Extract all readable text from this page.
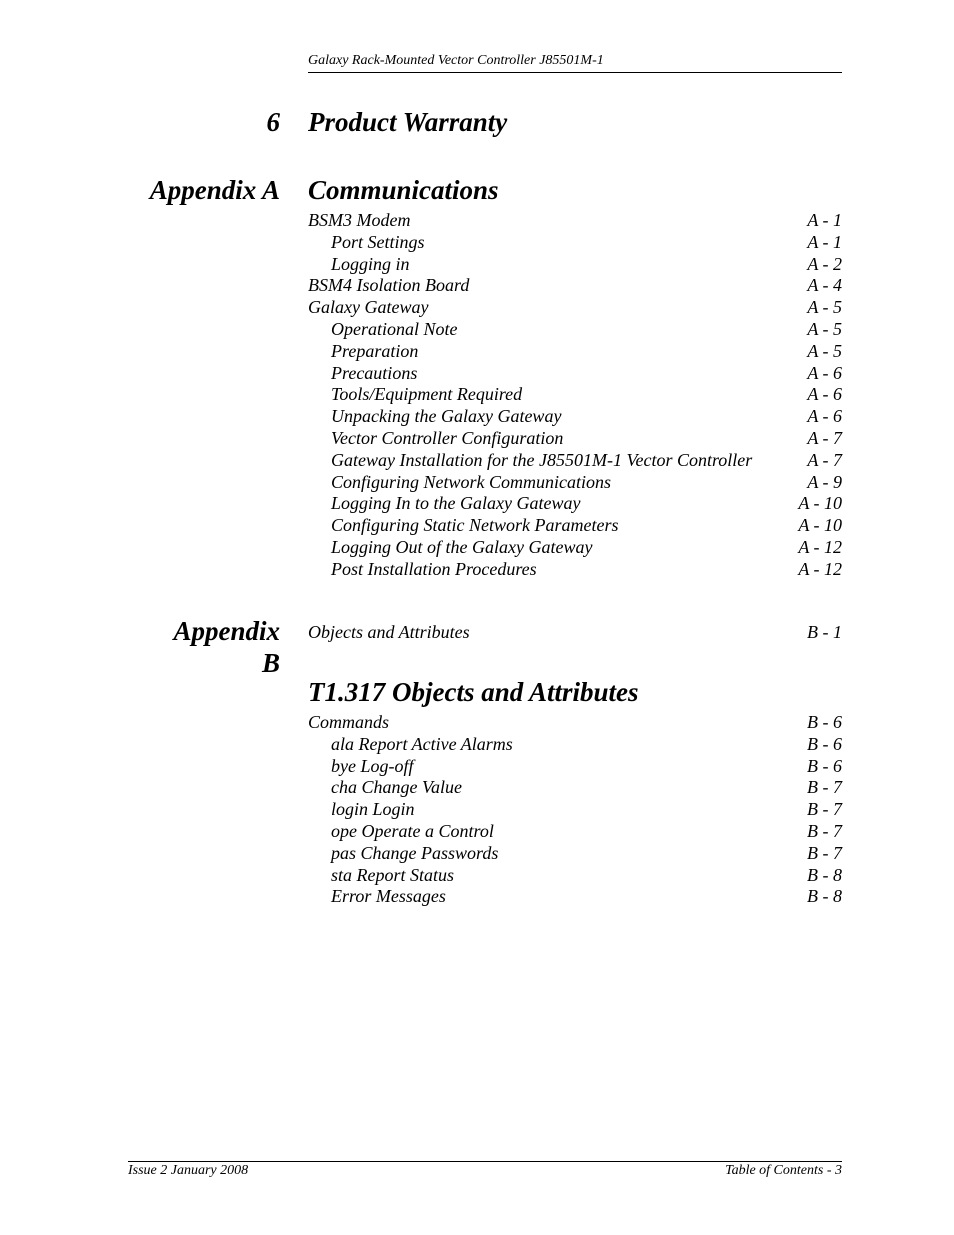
Galaxy Rack-Mounted Vector Controller J85501M-1
6 Product Warranty
Appendix A Communications
BSM3 Modem	A - 1
Port Settings	A - 1
Logging in	A - 2
BSM4 Isolation Board	A - 4
Galaxy Gateway	A - 5
Operational Note	A - 5
Preparation	A - 5
Precautions	A - 6
Tools/Equipment Required	A - 6
Unpacking the Galaxy Gateway	A - 6
Vector Controller Configuration	A - 7
Gateway Installation for the J85501M-1 Vector Controller	A - 7
Configuring Network Communications	A - 9
Logging In to the Galaxy Gateway	A - 10
Configuring Static Network Parameters	A - 10
Logging Out of the Galaxy Gateway	A - 12
Post Installation Procedures	A - 12
Appendix
B
Objects and Attributes	B - 1
T1.317 Objects and Attributes
Commands	B - 6
ala Report Active Alarms	B - 6
bye Log-off	B - 6
cha Change Value	B - 7
login Login	B - 7
ope Operate a Control	B - 7
pas Change Passwords	B - 7
sta Report Status	B - 8
Error Messages	B - 8
Issue 2 January 2008	Table of Contents - 3
